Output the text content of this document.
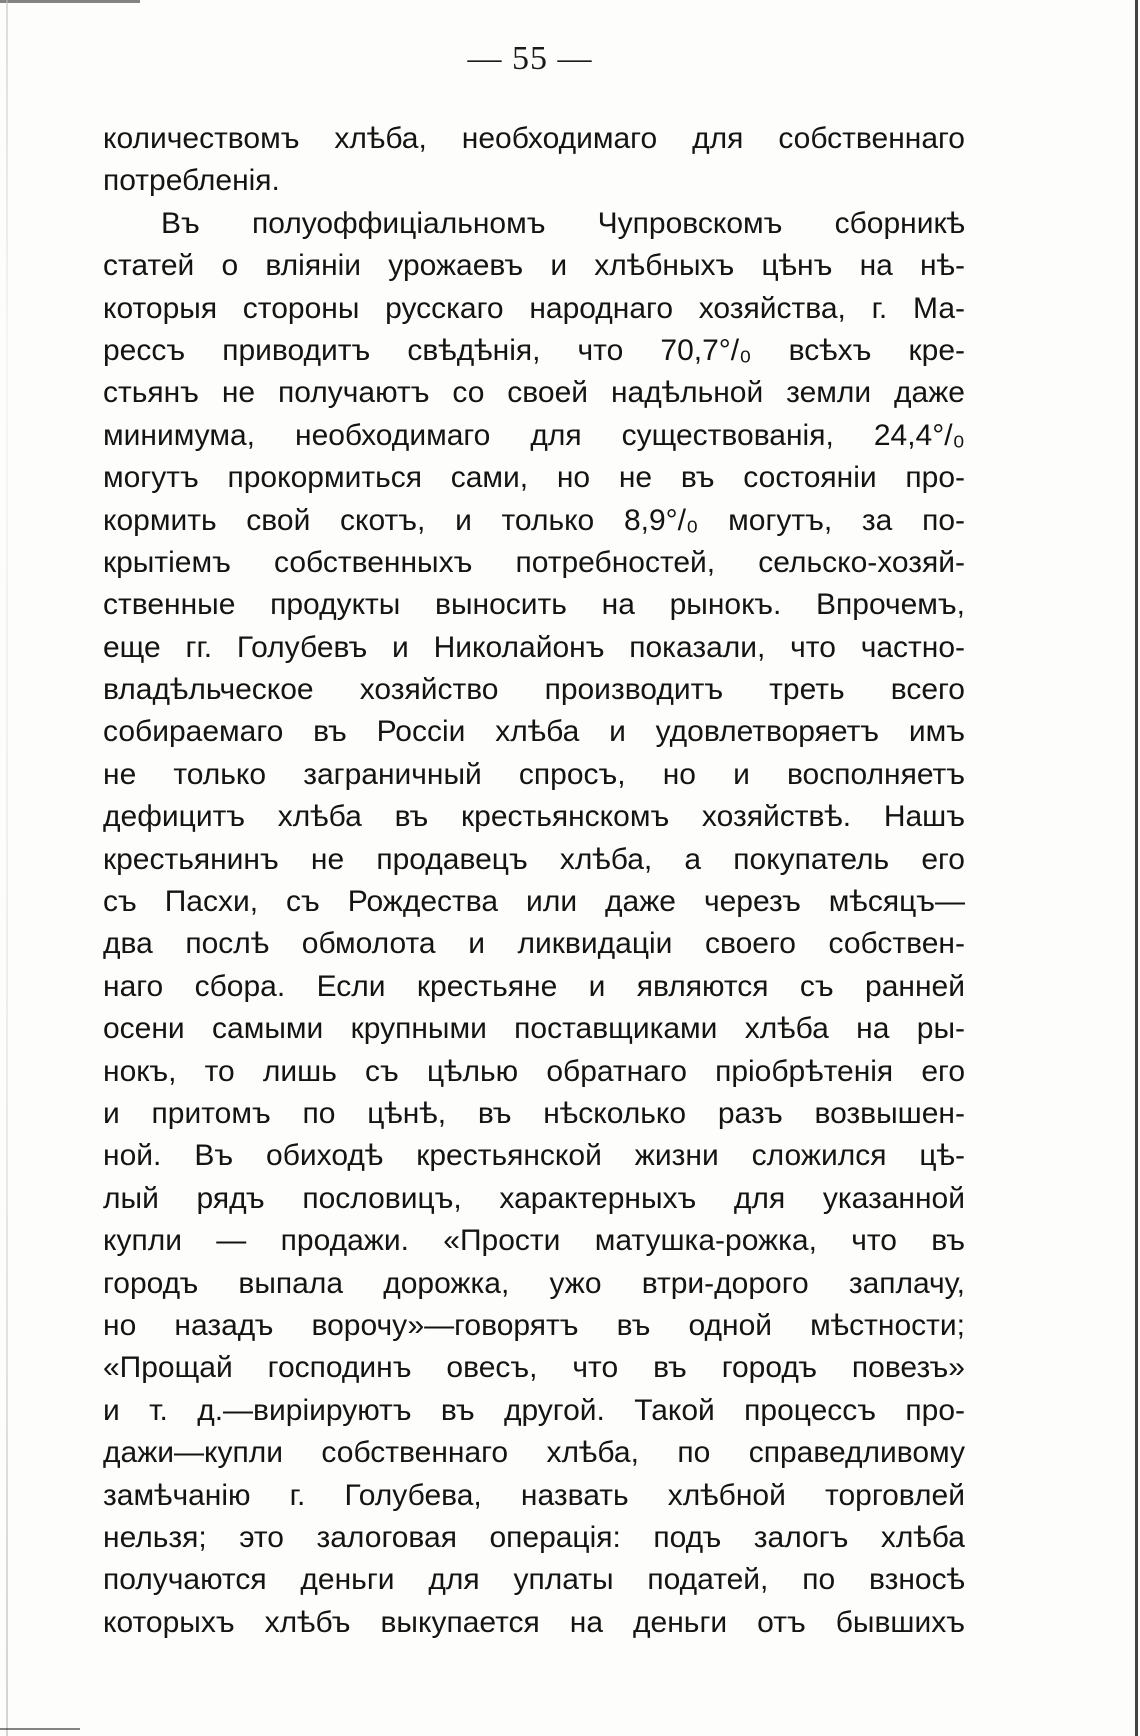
— 55 —
количествомъ хлѣба, необходимаго для собственнаго
потребленія.
Въ полуоффиціальномъ Чупровскомъ сборникѣ
статей о вліяніи урожаевъ и хлѣбныхъ цѣнъ на нѣ-
которыя стороны русскаго народнаго хозяйства, г. Ма-
рессъ приводитъ свѣдѣнія, что 70,7°/₀ всѣхъ кре-
стьянъ не получаютъ со своей надѣльной земли даже
минимума, необходимаго для существованія, 24,4°/₀
могутъ прокормиться сами, но не въ состояніи про-
кормить свой скотъ, и только 8,9°/₀ могутъ, за по-
крытіемъ собственныхъ потребностей, сельско-хозяй-
ственные продукты выносить на рынокъ. Впрочемъ,
еще гг. Голубевъ и Николайонъ показали, что частно-
владѣльческое хозяйство производитъ треть всего
собираемаго въ Россіи хлѣба и удовлетворяетъ имъ
не только заграничный спросъ, но и восполняетъ
дефицитъ хлѣба въ крестьянскомъ хозяйствѣ. Нашъ
крестьянинъ не продавецъ хлѣба, а покупатель его
съ Пасхи, съ Рождества или даже черезъ мѣсяцъ—
два послѣ обмолота и ликвидаціи своего собствен-
наго сбора. Если крестьяне и являются съ ранней
осени самыми крупными поставщиками хлѣба на ры-
нокъ, то лишь съ цѣлью обратнаго пріобрѣтенія его
и притомъ по цѣнѣ, въ нѣсколько разъ возвышен-
ной. Въ обиходѣ крестьянской жизни сложился цѣ-
лый рядъ пословицъ, характерныхъ для указанной
купли — продажи. «Прости матушка-рожка, что въ
городъ выпала дорожка, ужо втри-дорого заплачу,
но назадъ ворочу»—говорятъ въ одной мѣстности;
«Прощай господинъ овесъ, что въ городъ повезъ»
и т. д.—виріируютъ въ другой. Такой процессъ про-
дажи—купли собственнаго хлѣба, по справедливому
замѣчанію г. Голубева, назвать хлѣбной торговлей
нельзя; это залоговая операція: подъ залогъ хлѣба
получаются деньги для уплаты податей, по взносѣ
которыхъ хлѣбъ выкупается на деньги отъ бывшихъ
